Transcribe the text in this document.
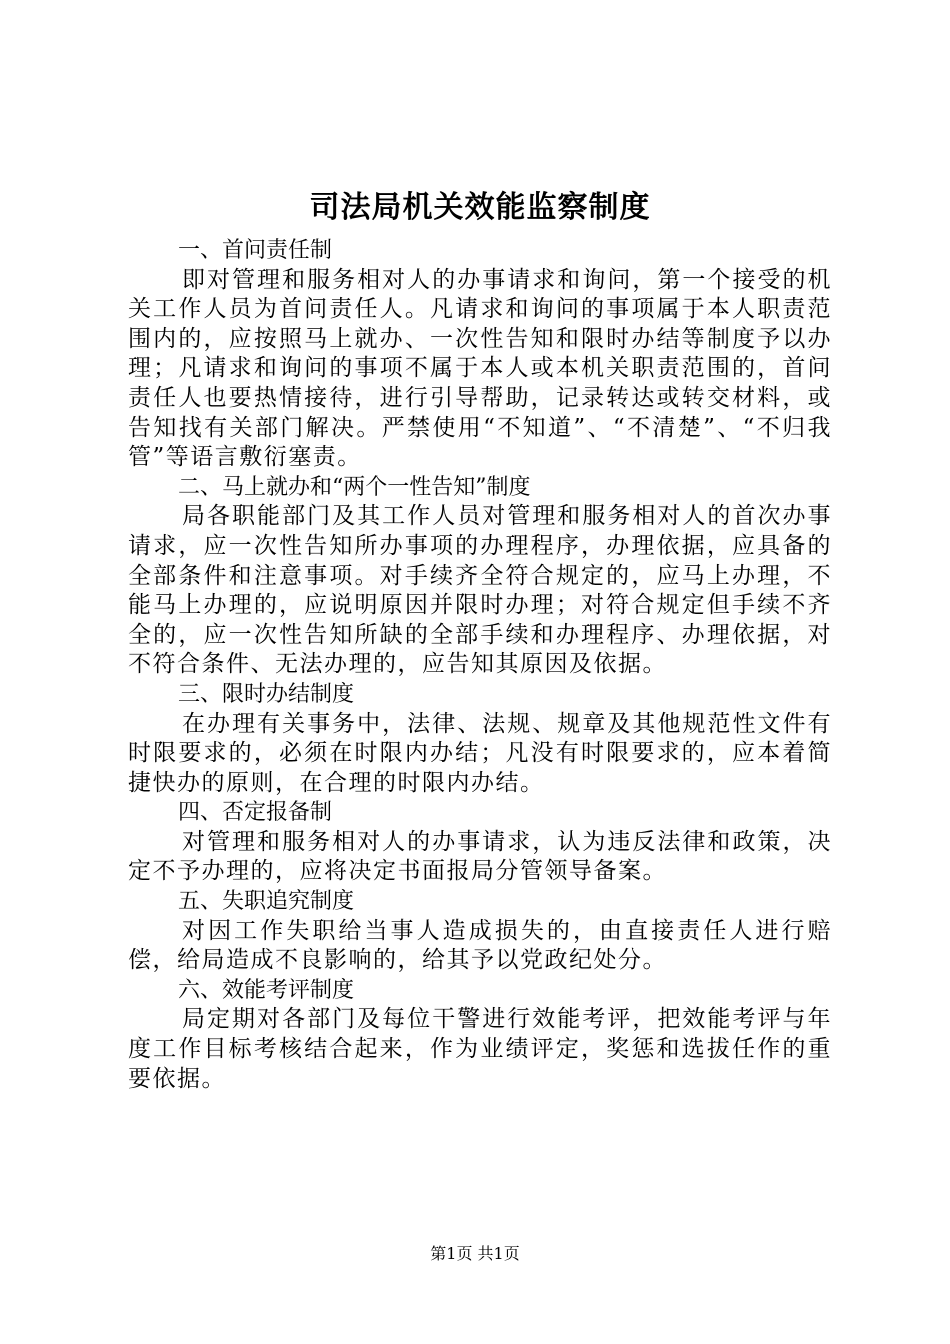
司法局机关效能监察制度

一、首问责任制

即对管理和服务相对人的办事请求和询问，第一个接受的机关工作人员为首问责任人。凡请求和询问的事项属于本人职责范围内的，应按照马上就办、一次性告知和限时办结等制度予以办理；凡请求和询问的事项不属于本人或本机关职责范围的，首问责任人也要热情接待，进行引导帮助，记录转达或转交材料，或告知找有关部门解决。严禁使用“不知道”、“不清楚”、“不归我管”等语言敷衍塞责。

二、马上就办和“两个一性告知”制度

局各职能部门及其工作人员对管理和服务相对人的首次办事请求，应一次性告知所办事项的办理程序，办理依据，应具备的全部条件和注意事项。对手续齐全符合规定的，应马上办理，不能马上办理的，应说明原因并限时办理；对符合规定但手续不齐全的，应一次性告知所缺的全部手续和办理程序、办理依据，对不符合条件、无法办理的，应告知其原因及依据。

三、限时办结制度

在办理有关事务中，法律、法规、规章及其他规范性文件有时限要求的，必须在时限内办结；凡没有时限要求的，应本着简捷快办的原则，在合理的时限内办结。

四、否定报备制

对管理和服务相对人的办事请求，认为违反法律和政策，决定不予办理的，应将决定书面报局分管领导备案。

五、失职追究制度

对因工作失职给当事人造成损失的，由直接责任人进行赔偿，给局造成不良影响的，给其予以党政纪处分。

六、效能考评制度

局定期对各部门及每位干警进行效能考评，把效能考评与年度工作目标考核结合起来，作为业绩评定，奖惩和选拔任作的重要依据。

第1页 共1页
